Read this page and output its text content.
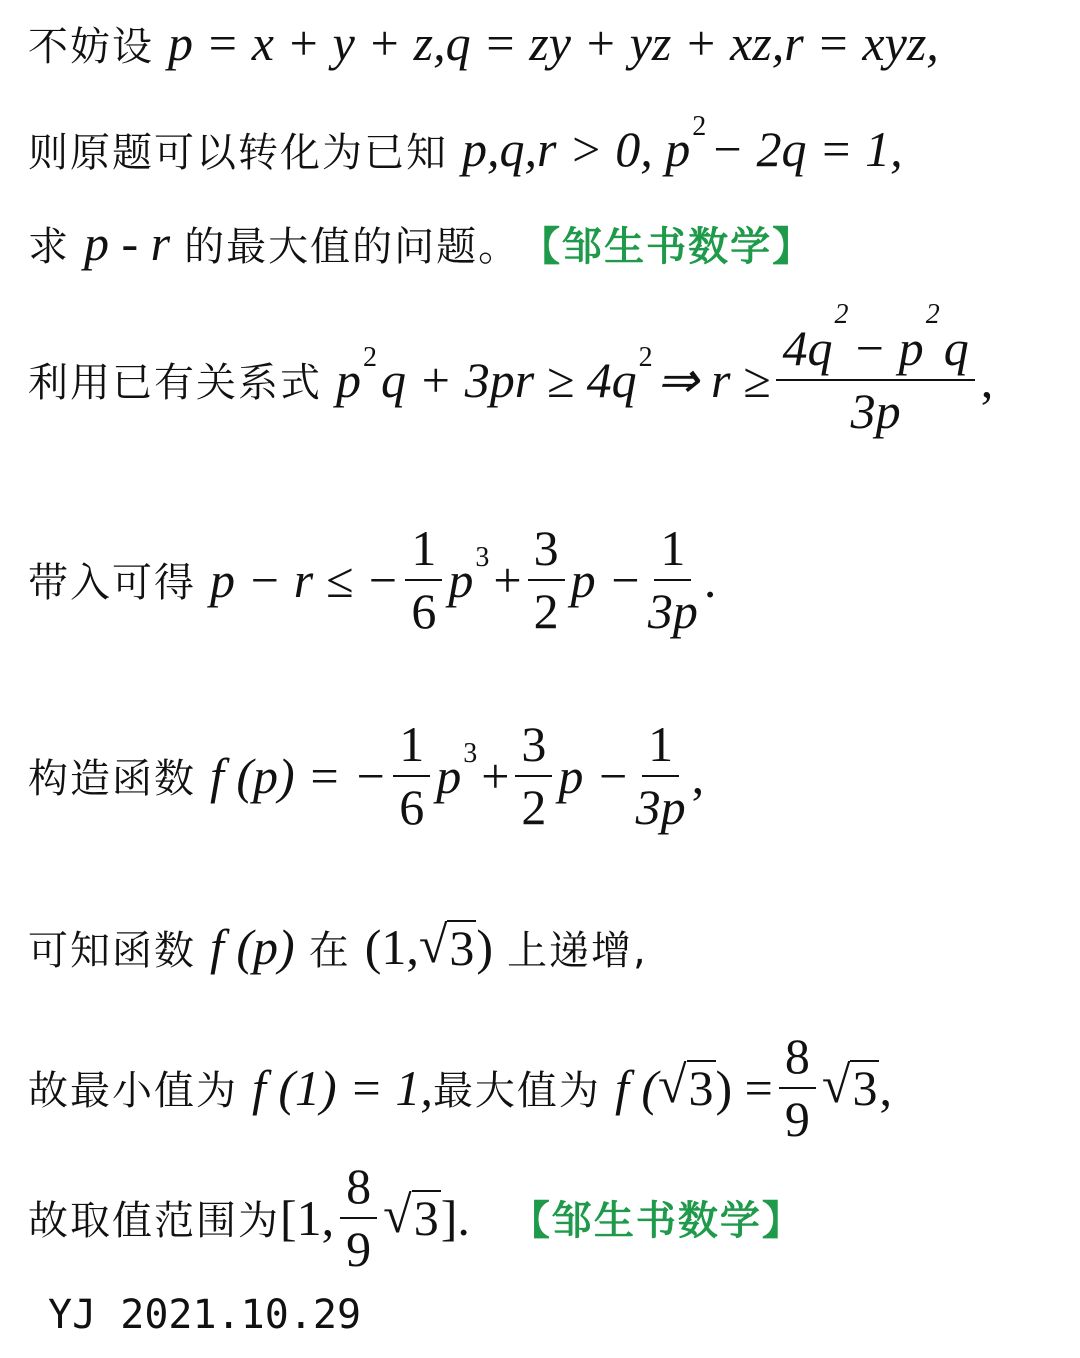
不妨设 p = x + y + z,q = zy + yz + xz,r = xyz,
则原题可以转化为已知 p,q,r > 0, $p^2 - 2q = 1$,
求 p - r 的最大值的问题。 【邹生书数学】
利用已有关系式 $p^2$ $q + 3pr \ge 4q^2$ ⇒ r ≥ 4q
$^2$
− p
$^2$
q
3p ,
带入可得 p − r ≤ − $\frac{1}{6} p^3 + \frac{3}{2}$ $p - \frac{1}{3p}$ .
构造函数 f (p) = − $\frac{1}{6} p^3 + \frac{3}{2}$ $p - \frac{1}{3p}$ ,
可知函数 f (p) 在 (1, √ 3 ) 上递增,
故最小值为 f (1) = 1, 最大值为 f ( √ 3 ) = $\frac{8}{9}$ √ 3 ,
故取值范围为 [1, $\frac{8}{9}$ √ 3 ]. 【邹生书数学】
YJ 2021.10.29
